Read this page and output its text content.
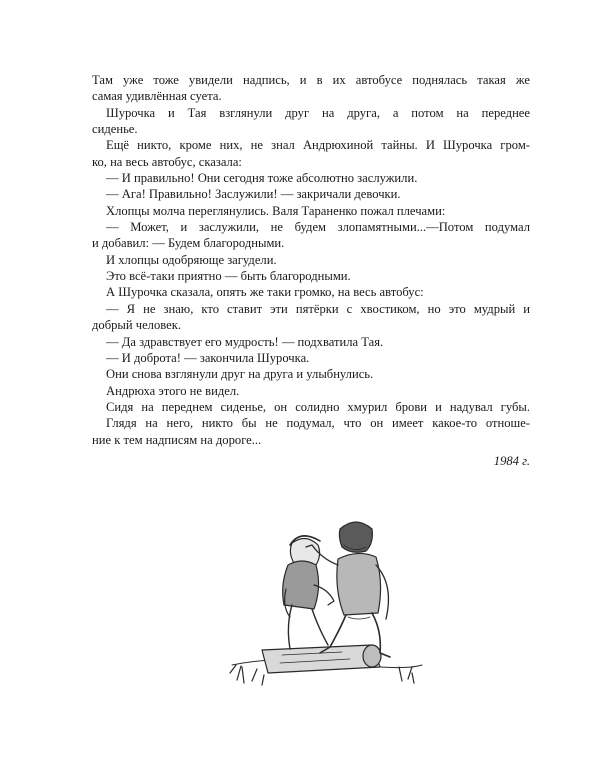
Там уже тоже увидели надпись, и в их автобусе поднялась такая же
самая удивлённая суета.
Шурочка и Тая взглянули друг на друга, а потом на переднее
сиденье.
Ещё никто, кроме них, не знал Андрюхиной тайны. И Шурочка гром-
ко, на весь автобус, сказала:
— И правильно! Они сегодня тоже абсолютно заслужили.
— Ага! Правильно! Заслужили! — закричали девочки.
Хлопцы молча переглянулись. Валя Тараненко пожал плечами:
— Может, и заслужили, не будем злопамятными...—Потом подумал
и добавил: — Будем благородными.
И хлопцы одобряюще загудели.
Это всё-таки приятно — быть благородными.
А Шурочка сказала, опять же таки громко, на весь автобус:
— Я не знаю, кто ставит эти пятёрки с хвостиком, но это мудрый и
добрый человек.
— Да здравствует его мудрость! — подхватила Тая.
— И доброта! — закончила Шурочка.
Они снова взглянули друг на друга и улыбнулись.
Андрюха этого не видел.
Сидя на переднем сиденье, он солидно хмурил брови и надувал губы.
Глядя на него, никто бы не подумал, что он имеет какое-то отноше-
ние к тем надписям на дороге...
1984 г.
